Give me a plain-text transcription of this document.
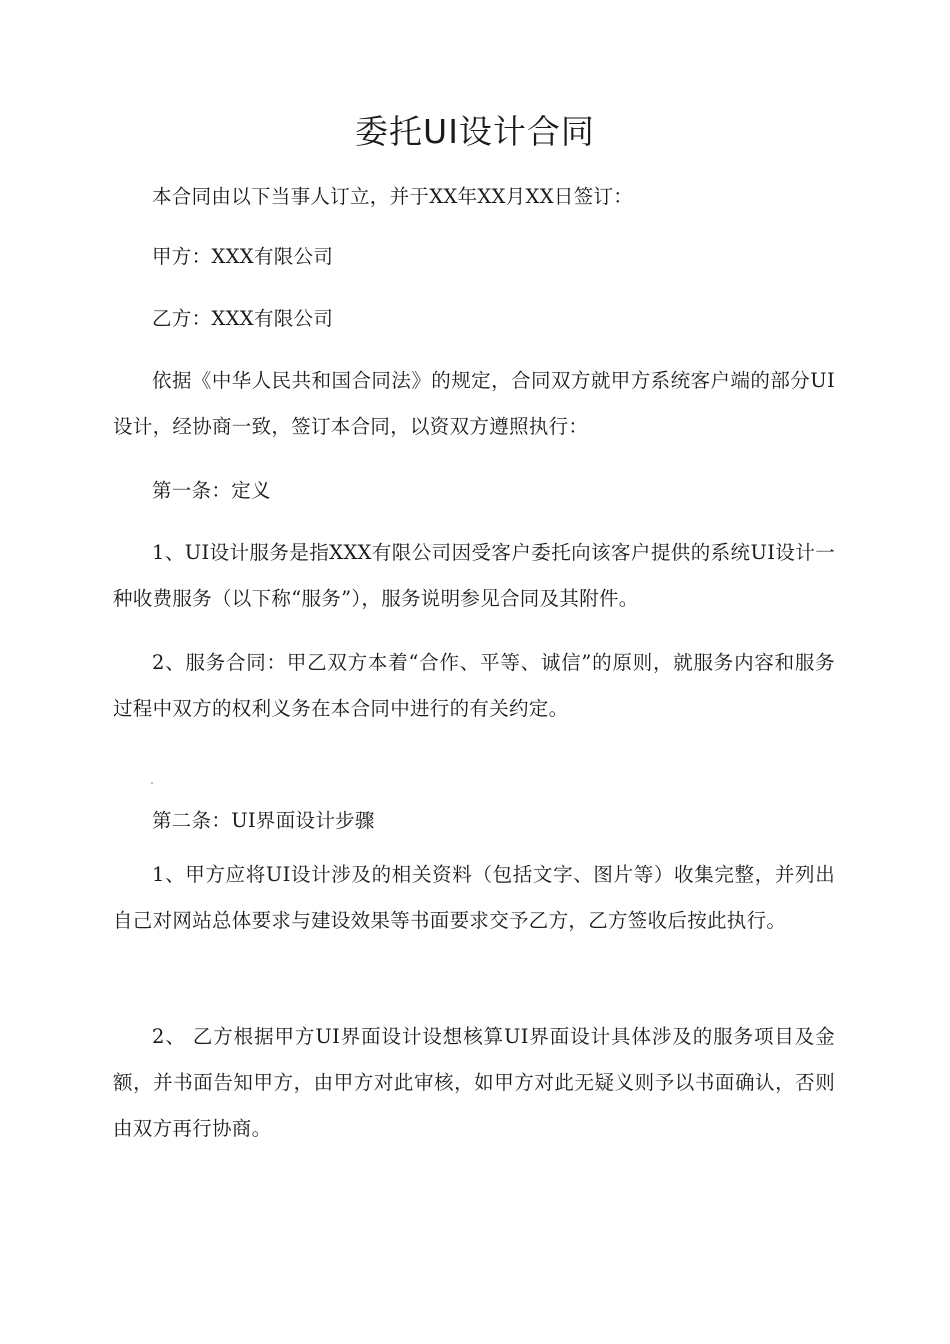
委托UI设计合同

本合同由以下当事人订立，并于XX年XX月XX日签订：

甲方：XXX有限公司

乙方：XXX有限公司

依据《中华人民共和国合同法》的规定，合同双方就甲方系统客户端的部分UI设计，经协商一致，签订本合同，以资双方遵照执行：

第一条：定义

1、UI设计服务是指XXX有限公司因受客户委托向该客户提供的系统UI设计一种收费服务（以下称“服务”），服务说明参见合同及其附件。

2、服务合同：甲乙双方本着“合作、平等、诚信”的原则，就服务内容和服务过程中双方的权利义务在本合同中进行的有关约定。

第二条：UI界面设计步骤

1、甲方应将UI设计涉及的相关资料（包括文字、图片等）收集完整，并列出自己对网站总体要求与建设效果等书面要求交予乙方，乙方签收后按此执行。

2、 乙方根据甲方UI界面设计设想核算UI界面设计具体涉及的服务项目及金额，并书面告知甲方，由甲方对此审核，如甲方对此无疑义则予以书面确认，否则由双方再行协商。
